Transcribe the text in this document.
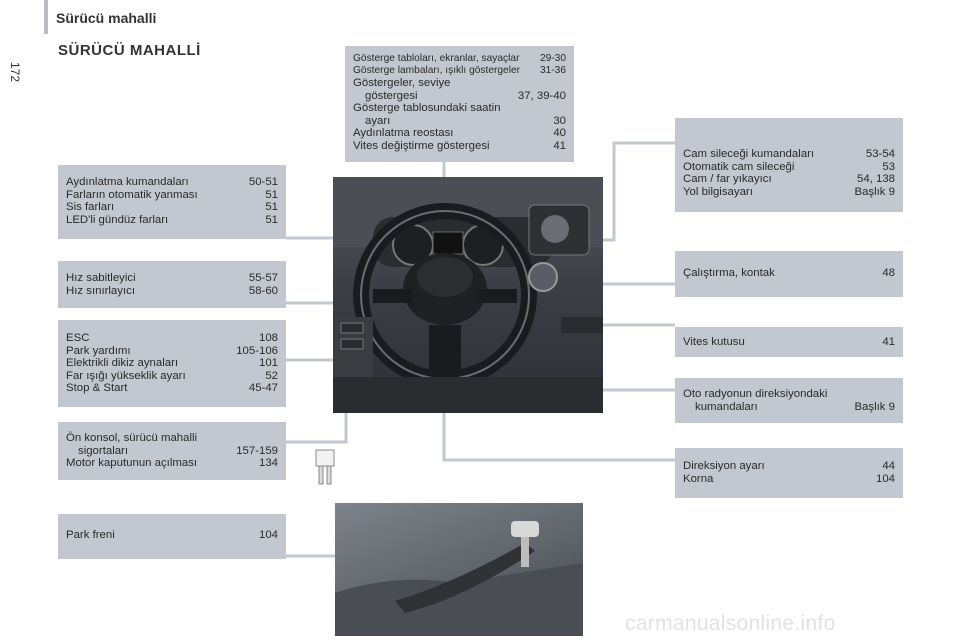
Sürücü mahalli
172
SÜRÜCÜ MAHALLİ	Gösterge tabloları, ekranlar, sayaçlar 29-30
Gösterge lambaları, ışıklı göstergeler 31-36
Göstergeler, seviye
göstergesi	37, 39-40
Gösterge tablosundaki saatin
ayarı	30
Aydınlatma reostası	40
Vites değiştirme göstergesi	41
Aydınlatma kumandaları	50-51
Farların otomatik yanması	51
Sis farları	51
LED'li gündüz farları	51
Hız sabitleyici	55-57
Hız sınırlayıcı	58-60
ESC	108
Park yardımı	105-106
Elektrikli dikiz aynaları	101
Far ışığı yükseklik ayarı	52
Stop & Start	45-47
Ön konsol, sürücü mahalli
sigortaları	157-159
Motor kaputunun açılması	134
Park freni	104
Cam sileceği kumandaları	53-54
Otomatik cam sileceği	53
Cam / far yıkayıcı	54, 138
Yol bilgisayarı	Başlık 9
Çalıştırma, kontak	48
Vites kutusu	41
Oto radyonun direksiyondaki
kumandaları	Başlık 9
Direksiyon ayarı	44
Korna	104
carmanualsonline.info
